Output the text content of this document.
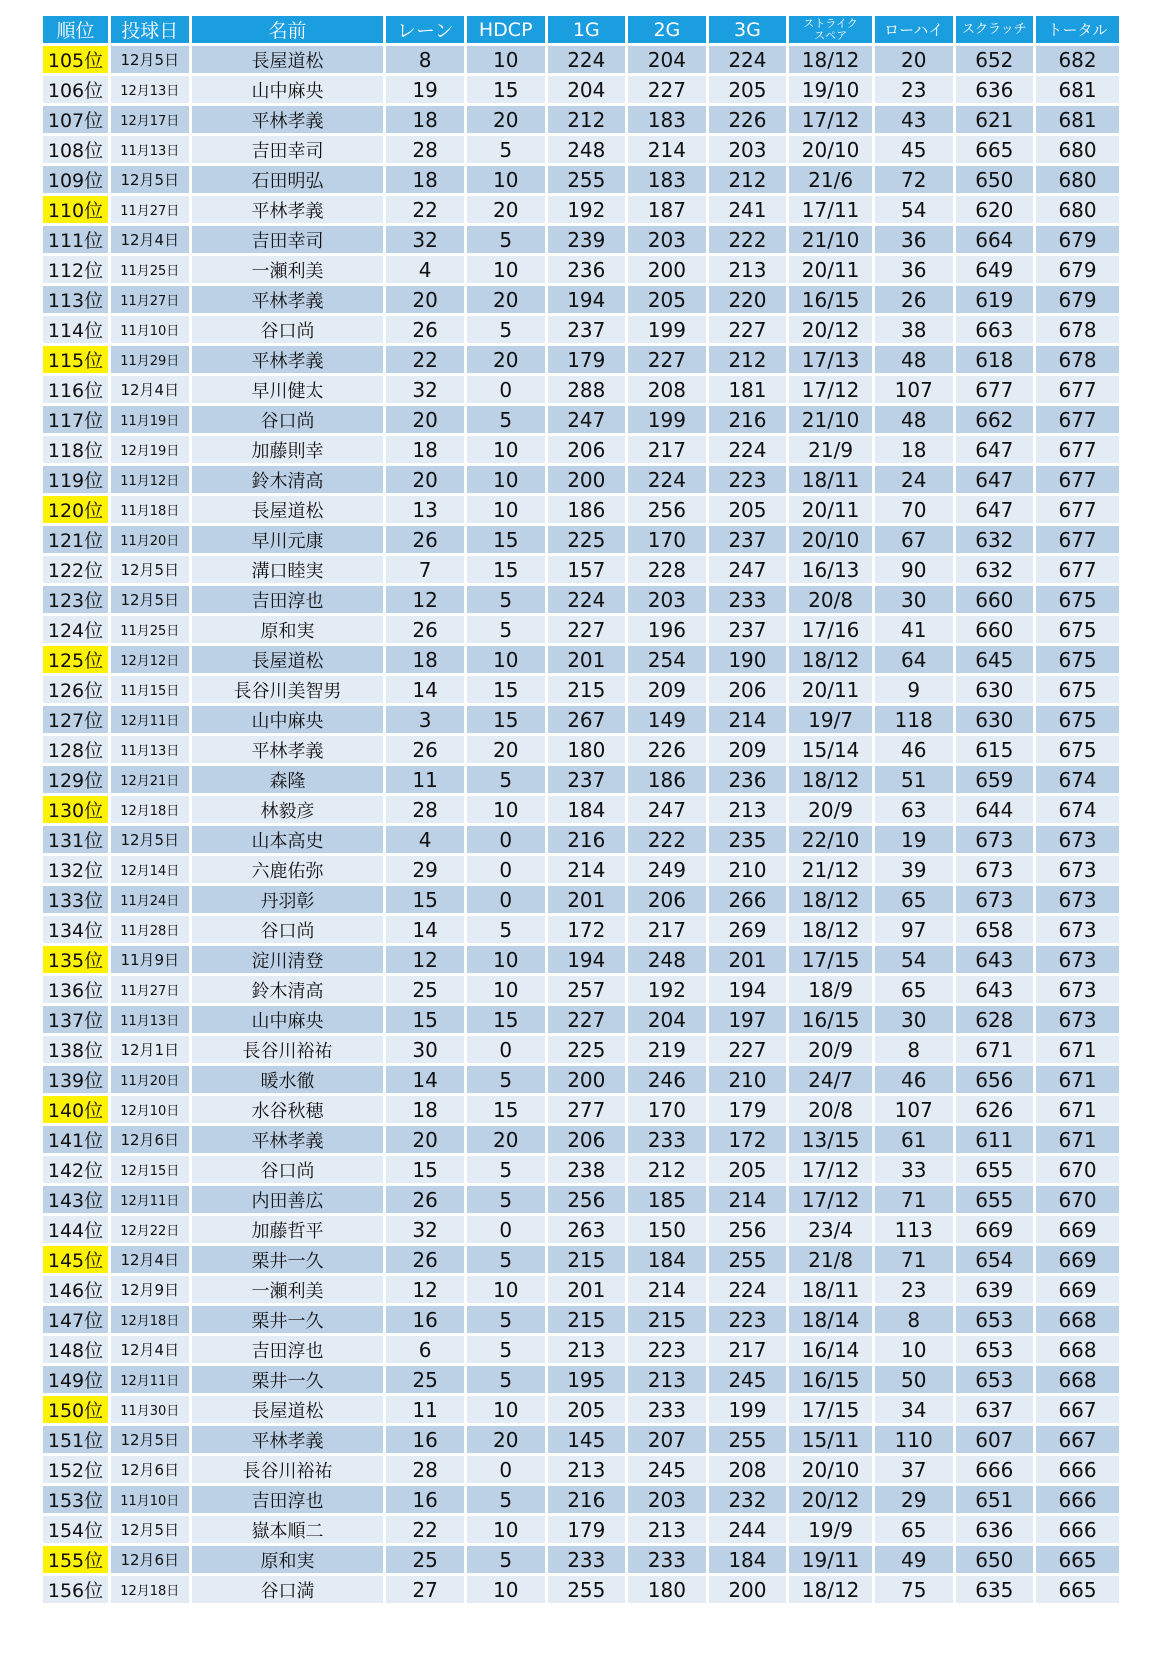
順位	投球日	名前	レーン	HDCP	1G	2G	3G	ストライク
スペア	ローハイ	スクラッチ	トータル
105位	12月5日	長屋道松	8	10	224	204	224	18/12	20	652	682
106位	12月13日	山中麻央	19	15	204	227	205	19/10	23	636	681
107位	12月17日	平林孝義	18	20	212	183	226	17/12	43	621	681
108位	11月13日	吉田幸司	28	5	248	214	203	20/10	45	665	680
109位	12月5日	石田明弘	18	10	255	183	212	21/6	72	650	680
110位	11月27日	平林孝義	22	20	192	187	241	17/11	54	620	680
111位	12月4日	吉田幸司	32	5	239	203	222	21/10	36	664	679
112位	11月25日	一瀬利美	4	10	236	200	213	20/11	36	649	679
113位	11月27日	平林孝義	20	20	194	205	220	16/15	26	619	679
114位	11月10日	谷口尚	26	5	237	199	227	20/12	38	663	678
115位	11月29日	平林孝義	22	20	179	227	212	17/13	48	618	678
116位	12月4日	早川健太	32	0	288	208	181	17/12	107	677	677
117位	11月19日	谷口尚	20	5	247	199	216	21/10	48	662	677
118位	12月19日	加藤則幸	18	10	206	217	224	21/9	18	647	677
119位	11月12日	鈴木清高	20	10	200	224	223	18/11	24	647	677
120位	11月18日	長屋道松	13	10	186	256	205	20/11	70	647	677
121位	11月20日	早川元康	26	15	225	170	237	20/10	67	632	677
122位	12月5日	溝口睦実	7	15	157	228	247	16/13	90	632	677
123位	12月5日	吉田淳也	12	5	224	203	233	20/8	30	660	675
124位	11月25日	原和実	26	5	227	196	237	17/16	41	660	675
125位	12月12日	長屋道松	18	10	201	254	190	18/12	64	645	675
126位	11月15日	長谷川美智男	14	15	215	209	206	20/11	9	630	675
127位	12月11日	山中麻央	3	15	267	149	214	19/7	118	630	675
128位	11月13日	平林孝義	26	20	180	226	209	15/14	46	615	675
129位	12月21日	森隆	11	5	237	186	236	18/12	51	659	674
130位	12月18日	林毅彦	28	10	184	247	213	20/9	63	644	674
131位	12月5日	山本高史	4	0	216	222	235	22/10	19	673	673
132位	12月14日	六鹿佑弥	29	0	214	249	210	21/12	39	673	673
133位	11月24日	丹羽彰	15	0	201	206	266	18/12	65	673	673
134位	11月28日	谷口尚	14	5	172	217	269	18/12	97	658	673
135位	11月9日	淀川清登	12	10	194	248	201	17/15	54	643	673
136位	11月27日	鈴木清高	25	10	257	192	194	18/9	65	643	673
137位	11月13日	山中麻央	15	15	227	204	197	16/15	30	628	673
138位	12月1日	長谷川裕祐	30	0	225	219	227	20/9	8	671	671
139位	11月20日	暖水徹	14	5	200	246	210	24/7	46	656	671
140位	12月10日	水谷秋穂	18	15	277	170	179	20/8	107	626	671
141位	12月6日	平林孝義	20	20	206	233	172	13/15	61	611	671
142位	12月15日	谷口尚	15	5	238	212	205	17/12	33	655	670
143位	12月11日	内田善広	26	5	256	185	214	17/12	71	655	670
144位	12月22日	加藤哲平	32	0	263	150	256	23/4	113	669	669
145位	12月4日	栗井一久	26	5	215	184	255	21/8	71	654	669
146位	12月9日	一瀬利美	12	10	201	214	224	18/11	23	639	669
147位	12月18日	栗井一久	16	5	215	215	223	18/14	8	653	668
148位	12月4日	吉田淳也	6	5	213	223	217	16/14	10	653	668
149位	12月11日	栗井一久	25	5	195	213	245	16/15	50	653	668
150位	11月30日	長屋道松	11	10	205	233	199	17/15	34	637	667
151位	12月5日	平林孝義	16	20	145	207	255	15/11	110	607	667
152位	12月6日	長谷川裕祐	28	0	213	245	208	20/10	37	666	666
153位	11月10日	吉田淳也	16	5	216	203	232	20/12	29	651	666
154位	12月5日	嶽本順二	22	10	179	213	244	19/9	65	636	666
155位	12月6日	原和実	25	5	233	233	184	19/11	49	650	665
156位	12月18日	谷口満	27	10	255	180	200	18/12	75	635	665
